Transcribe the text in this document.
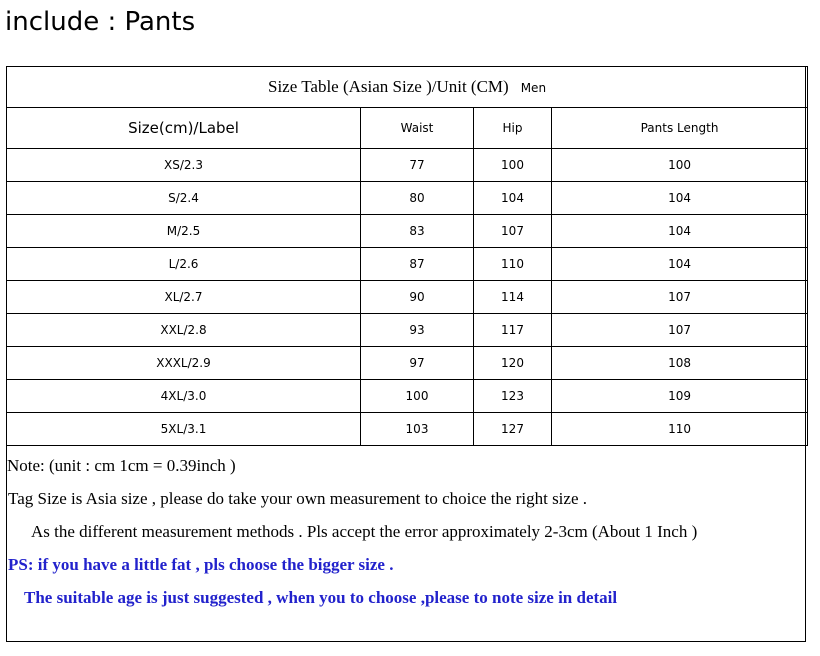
include : Pants
Size Table (Asian Size )/Unit (CM) Men			
Size(cm)/Label	Waist	Hip	Pants Length
XS/2.3	77	100	100
S/2.4	80	104	104
M/2.5	83	107	104
L/2.6	87	110	104
XL/2.7	90	114	107
XXL/2.8	93	117	107
XXXL/2.9	97	120	108
4XL/3.0	100	123	109
5XL/3.1	103	127	110
Note: (unit : cm 1cm = 0.39inch )
Tag Size is Asia size , please do take your own measurement to choice the right size .
As the different measurement methods . Pls accept the error approximately 2-3cm (About 1 Inch )
PS: if you have a little fat , pls choose the bigger size .
The suitable age is just suggested , when you to choose ,please to note size in detail
